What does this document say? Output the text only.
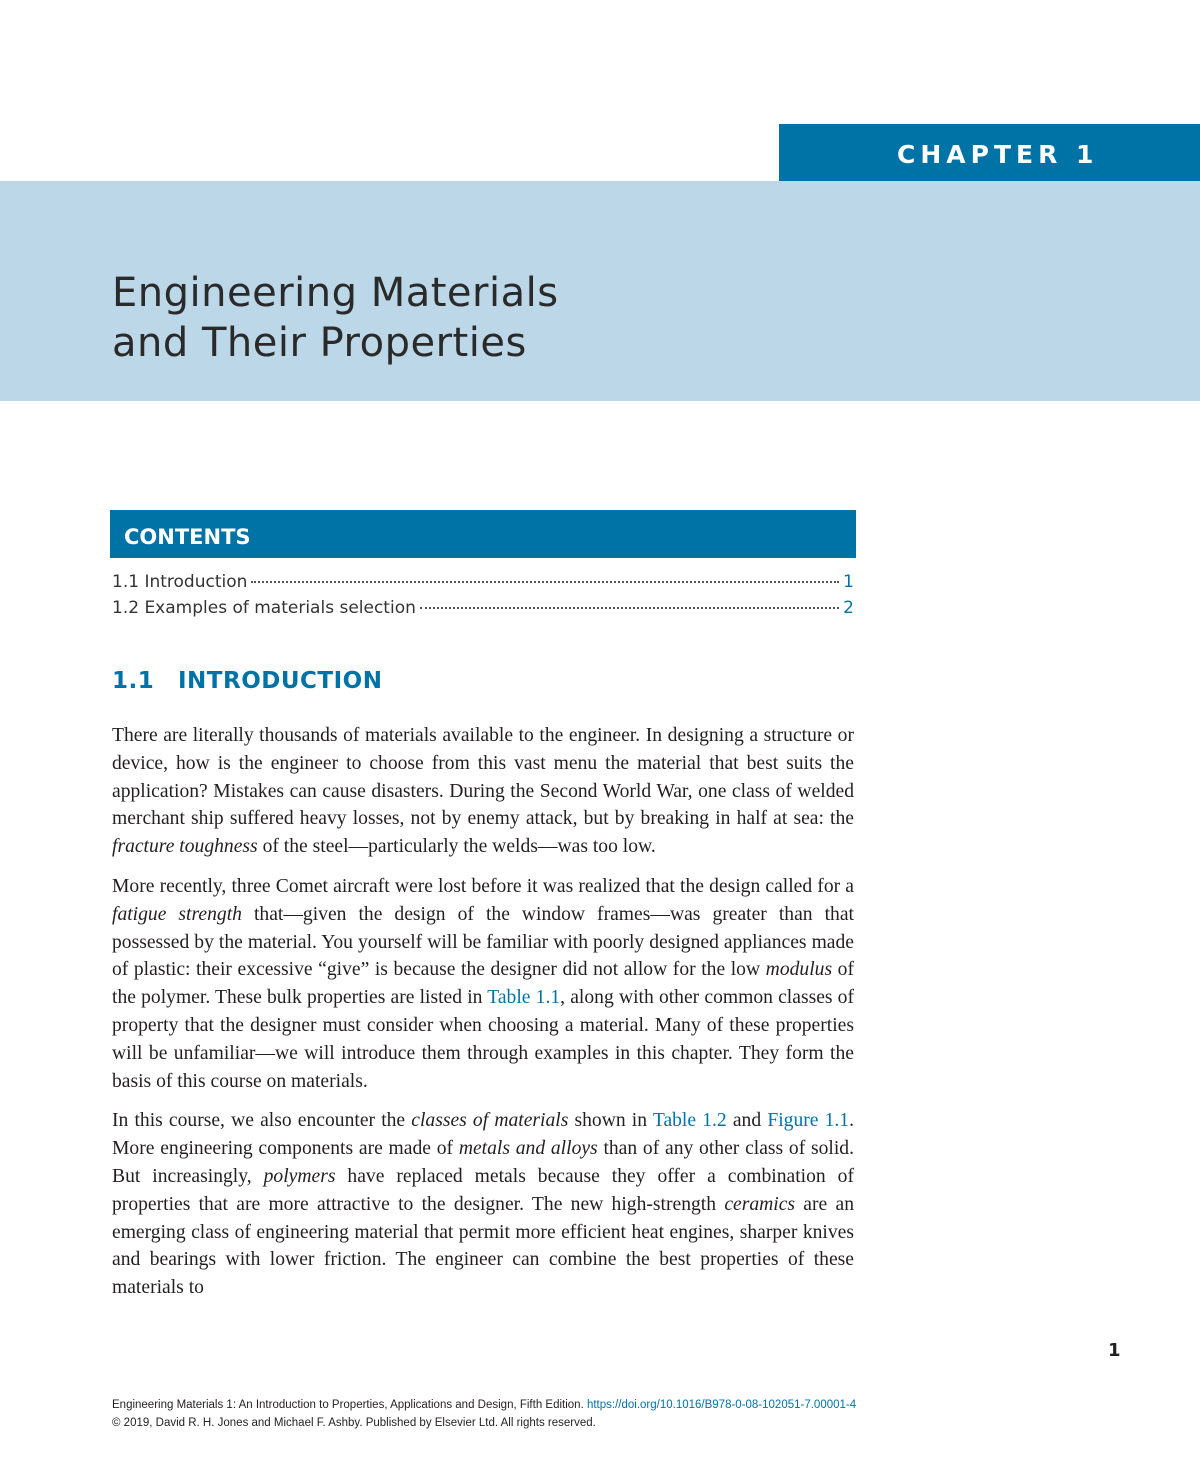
CHAPTER 1
Engineering Materials
and Their Properties
CONTENTS
1.1 Introduction	1
1.2 Examples of materials selection	2
1.1 INTRODUCTION

There are literally thousands of materials available to the engineer. In designing a structure or device, how is the engineer to choose from this vast menu the material that best suits the application? Mistakes can cause disasters. During the Second World War, one class of welded merchant ship suffered heavy losses, not by enemy attack, but by breaking in half at sea: the fracture toughness of the steel—particularly the welds—was too low.

More recently, three Comet aircraft were lost before it was realized that the design called for a fatigue strength that—given the design of the window frames—was greater than that possessed by the material. You yourself will be familiar with poorly designed appliances made of plastic: their excessive “give” is because the designer did not allow for the low modulus of the polymer. These bulk properties are listed in Table 1.1, along with other common classes of property that the designer must consider when choosing a material. Many of these properties will be unfamiliar—we will introduce them through examples in this chapter. They form the basis of this course on materials.

In this course, we also encounter the classes of materials shown in Table 1.2 and Figure 1.1. More engineering components are made of metals and alloys than of any other class of solid. But increasingly, polymers have replaced metals because they offer a combination of properties that are more attractive to the designer. The new high-strength ceramics are an emerging class of engineering material that permit more efficient heat engines, sharper knives and bearings with lower friction. The engineer can combine the best properties of these materials to

1
Engineering Materials 1: An Introduction to Properties, Applications and Design, Fifth Edition. https://doi.org/10.1016/B978-0-08-102051-7.00001-4
© 2019, David R. H. Jones and Michael F. Ashby. Published by Elsevier Ltd. All rights reserved.
